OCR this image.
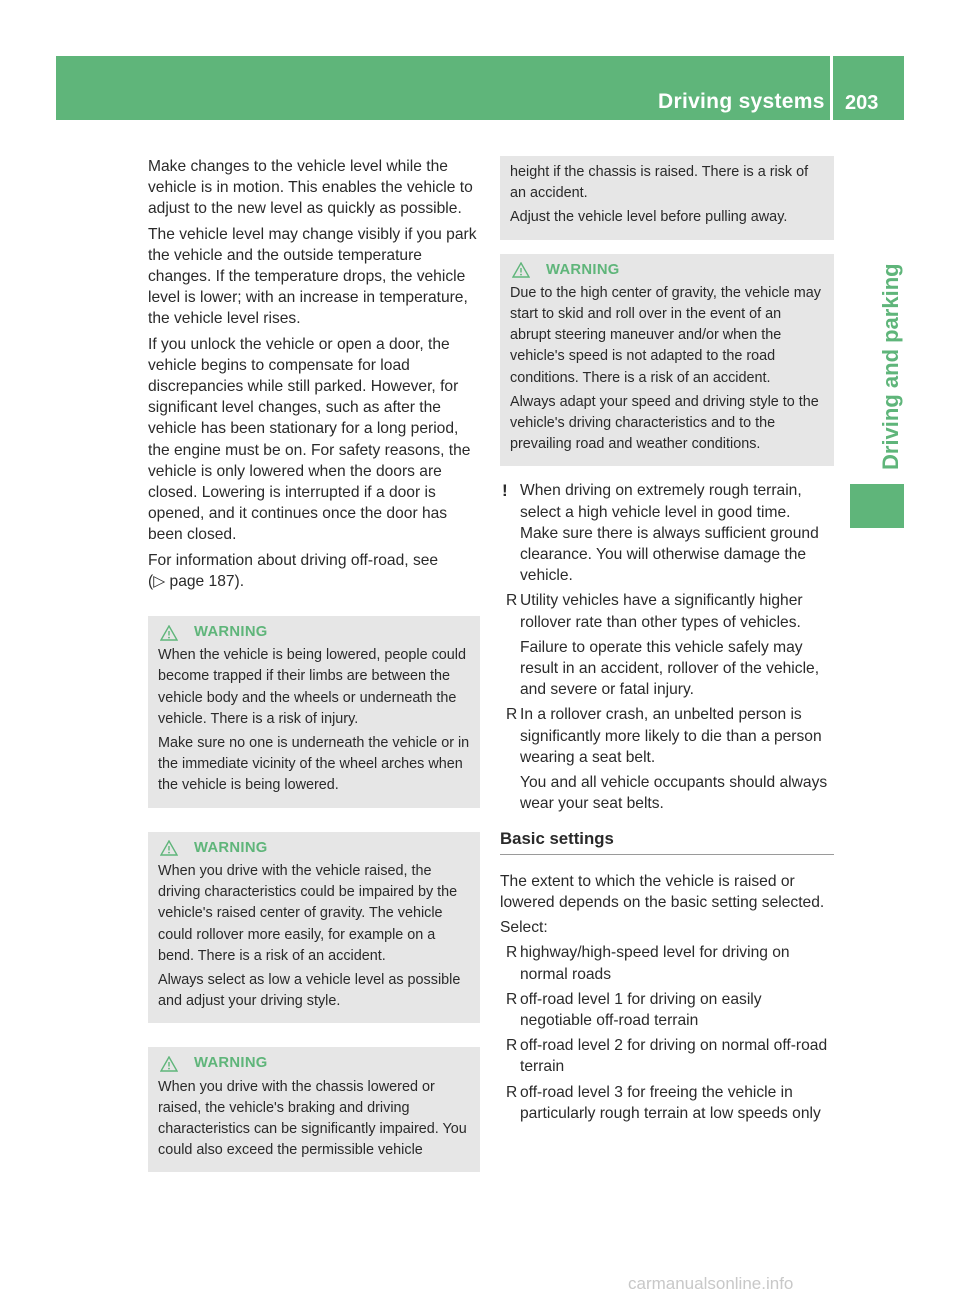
Driving systems 203
Driving and parking

Make changes to the vehicle level while the vehicle is in motion. This enables the vehicle to adjust to the new level as quickly as possible.

The vehicle level may change visibly if you park the vehicle and the outside temperature changes. If the temperature drops, the vehicle level is lower; with an increase in temperature, the vehicle level rises.

If you unlock the vehicle or open a door, the vehicle begins to compensate for load discrepancies while still parked. However, for significant level changes, such as after the vehicle has been stationary for a long period, the engine must be on. For safety reasons, the vehicle is only lowered when the doors are closed. Lowering is interrupted if a door is opened, and it continues once the door has been closed.

For information about driving off-road, see

(▷ page 187).

WARNING

When the vehicle is being lowered, people could become trapped if their limbs are between the vehicle body and the wheels or underneath the vehicle. There is a risk of injury.

Make sure no one is underneath the vehicle or in the immediate vicinity of the wheel arches when the vehicle is being lowered.

WARNING

When you drive with the vehicle raised, the driving characteristics could be impaired by the vehicle's raised center of gravity. The vehicle could rollover more easily, for example on a bend. There is a risk of an accident.

Always select as low a vehicle level as possible and adjust your driving style.

WARNING

When you drive with the chassis lowered or raised, the vehicle's braking and driving characteristics can be significantly impaired. You could also exceed the permissible vehicle

height if the chassis is raised. There is a risk of an accident.

Adjust the vehicle level before pulling away.

WARNING

Due to the high center of gravity, the vehicle may start to skid and roll over in the event of an abrupt steering maneuver and/or when the vehicle's speed is not adapted to the road conditions. There is a risk of an accident.

Always adapt your speed and driving style to the vehicle's driving characteristics and to the prevailing road and weather conditions.

! When driving on extremely rough terrain, select a high vehicle level in good time.

Make sure there is always sufficient ground clearance. You will otherwise damage the vehicle.

R Utility vehicles have a significantly higher rollover rate than other types of vehicles.

Failure to operate this vehicle safely may result in an accident, rollover of the vehicle, and severe or fatal injury.

R In a rollover crash, an unbelted person is significantly more likely to die than a person wearing a seat belt.

You and all vehicle occupants should always wear your seat belts.

Basic settings

The extent to which the vehicle is raised or lowered depends on the basic setting selected.

Select:

R highway/high-speed level for driving on normal roads

R off-road level 1 for driving on easily negotiable off-road terrain

R off-road level 2 for driving on normal off-road terrain

R off-road level 3 for freeing the vehicle in particularly rough terrain at low speeds only

carmanualsonline.info
